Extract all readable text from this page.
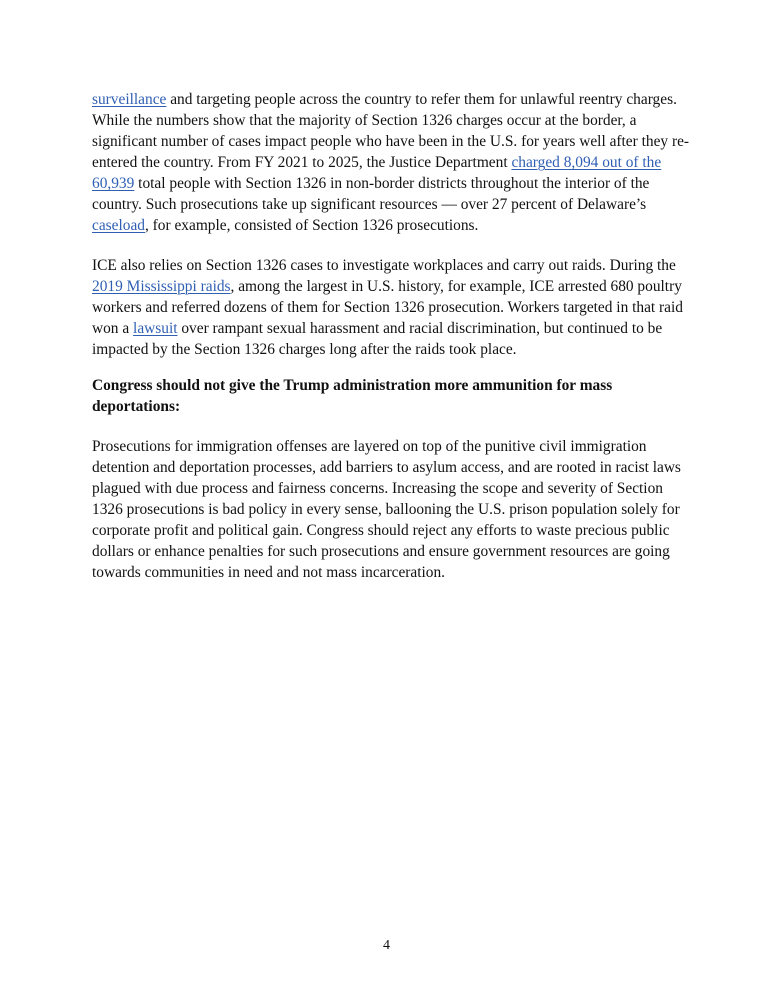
surveillance and targeting people across the country to refer them for unlawful reentry charges.
While the numbers show that the majority of Section 1326 charges occur at the border, a
significant number of cases impact people who have been in the U.S. for years well after they re-
entered the country. From FY 2021 to 2025, the Justice Department charged 8,094 out of the
60,939 total people with Section 1326 in non-border districts throughout the interior of the
country. Such prosecutions take up significant resources — over 27 percent of Delaware’s
caseload, for example, consisted of Section 1326 prosecutions.

ICE also relies on Section 1326 cases to investigate workplaces and carry out raids. During the
2019 Mississippi raids, among the largest in U.S. history, for example, ICE arrested 680 poultry
workers and referred dozens of them for Section 1326 prosecution. Workers targeted in that raid
won a lawsuit over rampant sexual harassment and racial discrimination, but continued to be
impacted by the Section 1326 charges long after the raids took place.

Congress should not give the Trump administration more ammunition for mass
deportations:

Prosecutions for immigration offenses are layered on top of the punitive civil immigration
detention and deportation processes, add barriers to asylum access, and are rooted in racist laws
plagued with due process and fairness concerns. Increasing the scope and severity of Section
1326 prosecutions is bad policy in every sense, ballooning the U.S. prison population solely for
corporate profit and political gain. Congress should reject any efforts to waste precious public
dollars or enhance penalties for such prosecutions and ensure government resources are going
towards communities in need and not mass incarceration.

4
